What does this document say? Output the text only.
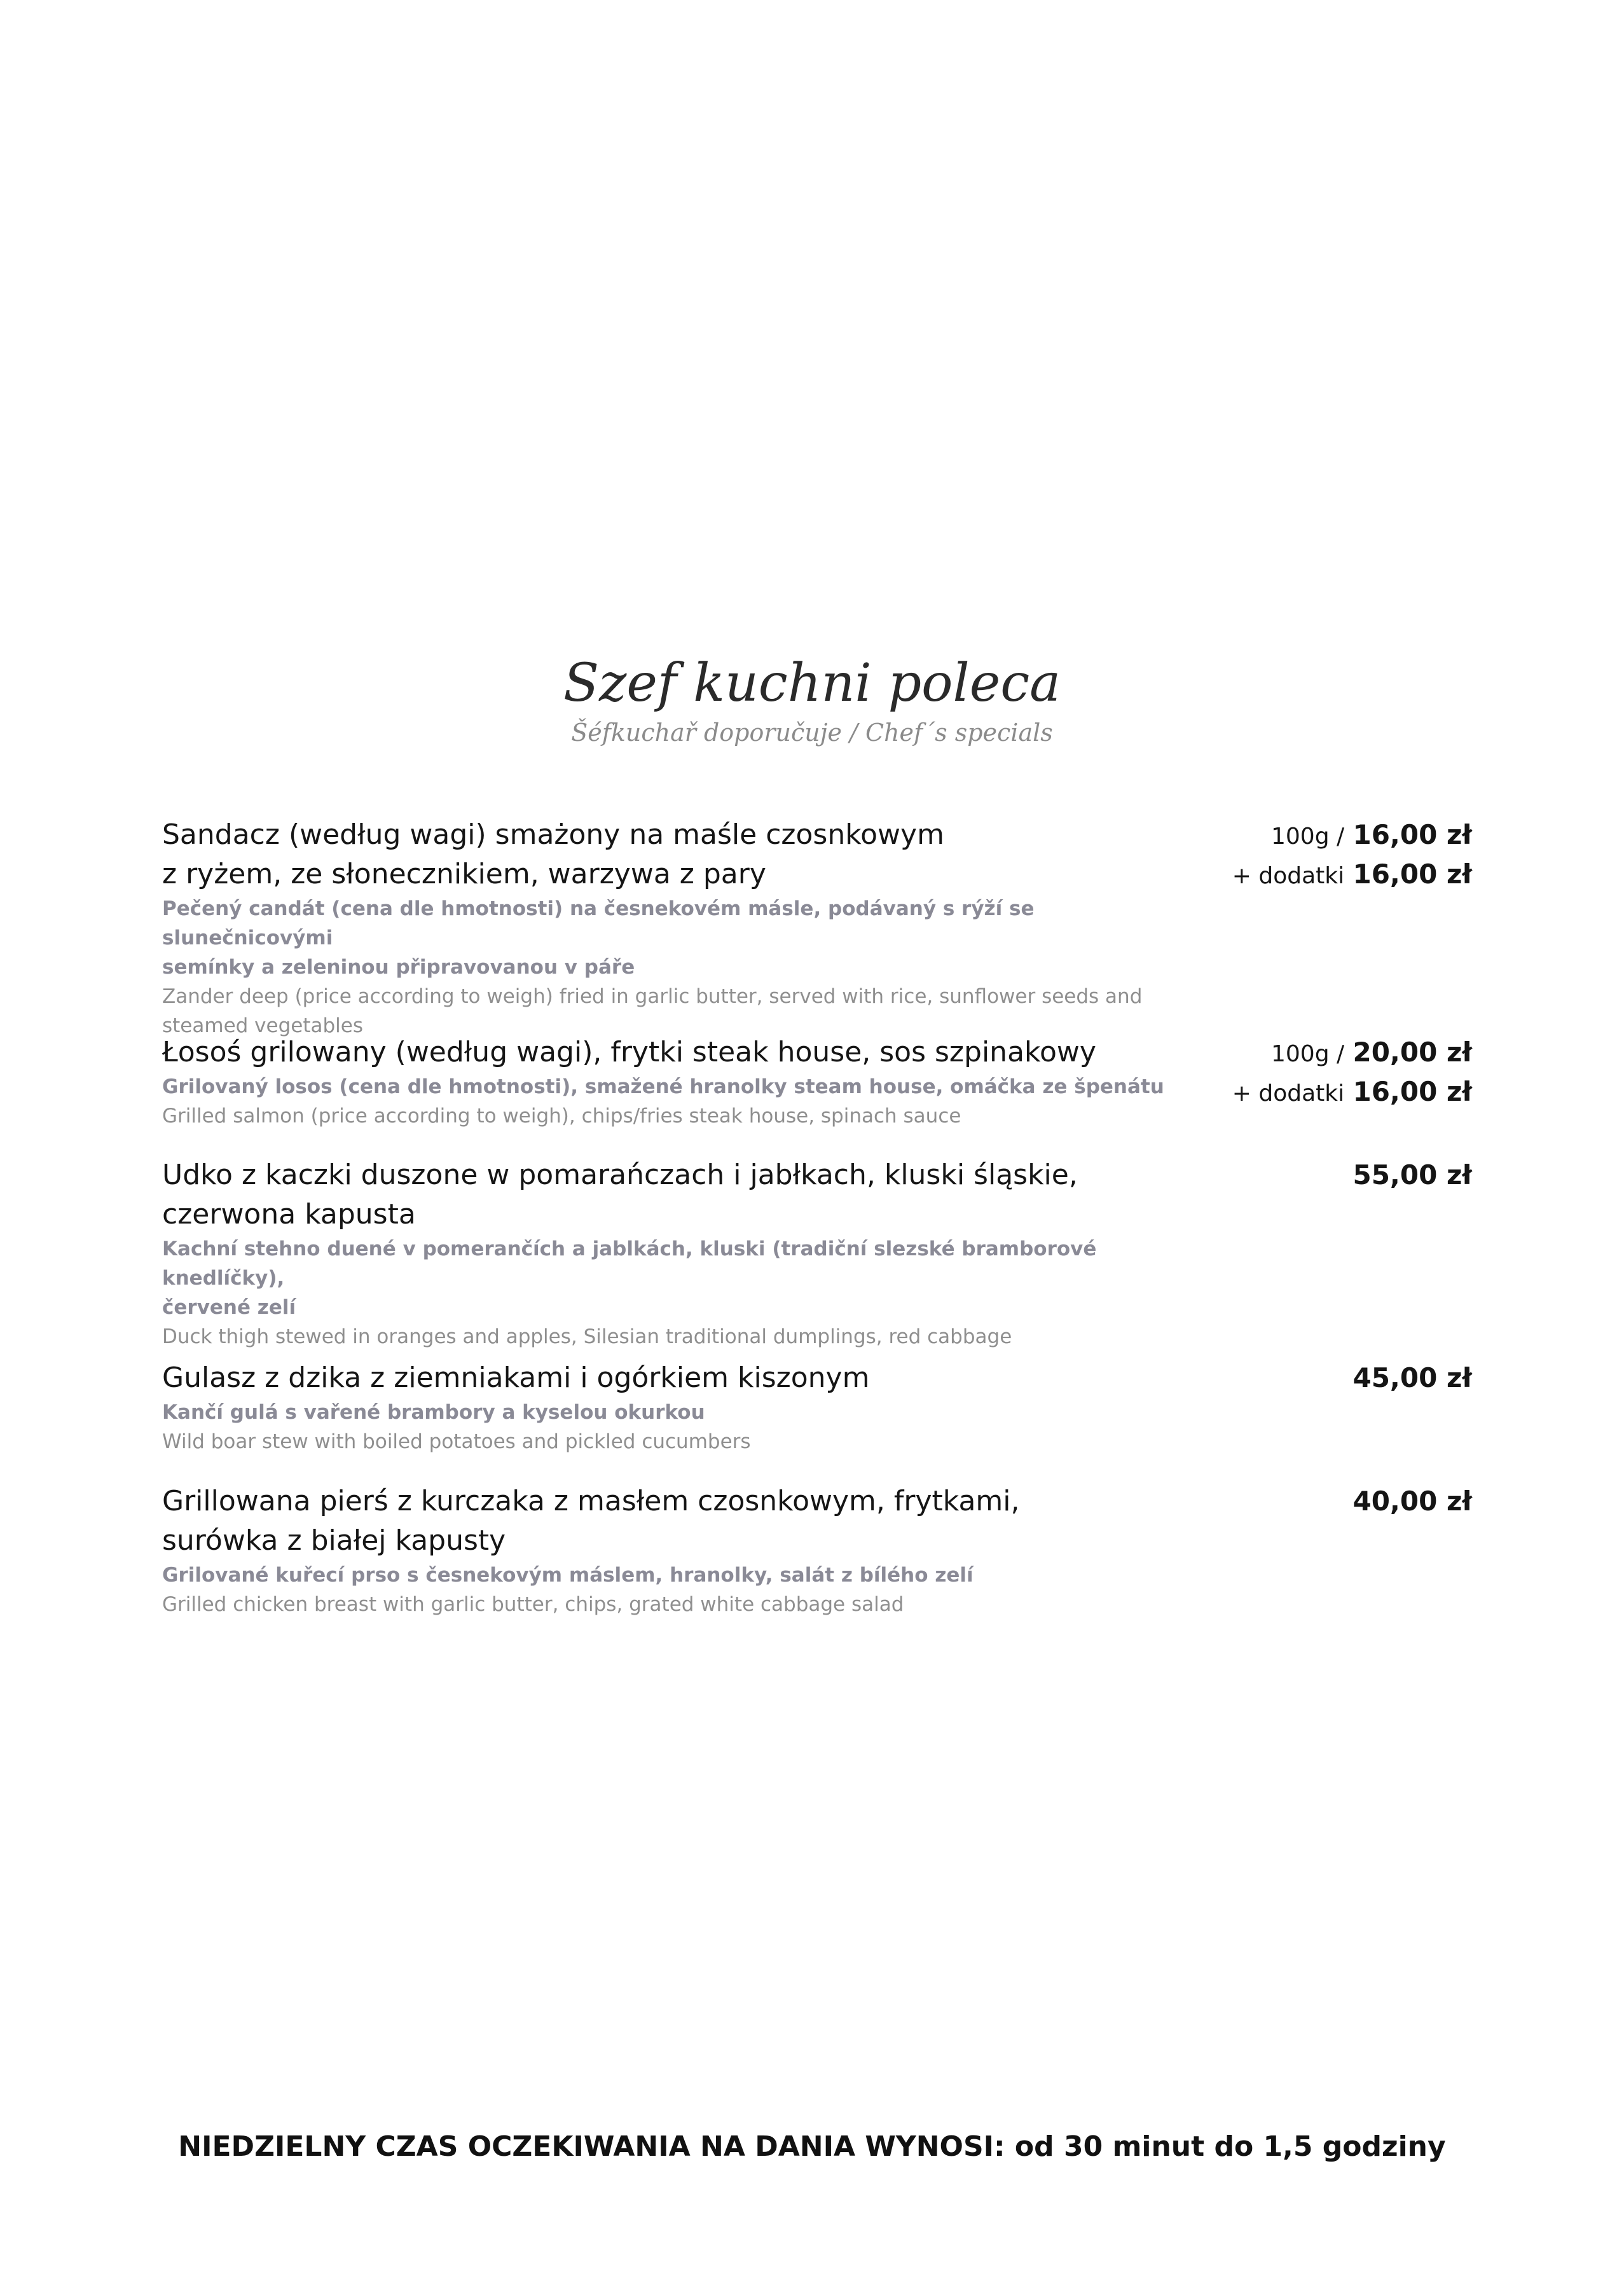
Szef kuchni poleca
Šéfkuchař doporučuje / Chef´s specials
Sandacz (według wagi) smażony na maśle czosnkowym
z ryżem, ze słonecznikiem, warzywa z pary
Pečený candát (cena dle hmotnosti) na česnekovém másle, podávaný s rýží se slunečnicovými
semínky a zeleninou připravovanou v páře
Zander deep (price according to weigh) fried in garlic butter, served with rice, sunflower seeds and
steamed vegetables
100g / 16,00 zł
+ dodatki 16,00 zł
Łosoś grilowany (według wagi), frytki steak house, sos szpinakowy
Grilovaný losos (cena dle hmotnosti), smažené hranolky steam house, omáčka ze špenátu
Grilled salmon (price according to weigh), chips/fries steak house, spinach sauce
100g / 20,00 zł
+ dodatki 16,00 zł
Udko z kaczki duszone w pomarańczach i jabłkach, kluski śląskie,
czerwona kapusta
Kachní stehno duené v pomerančích a jablkách, kluski (tradiční slezské bramborové knedlíčky),
červené zelí
Duck thigh stewed in oranges and apples, Silesian traditional dumplings, red cabbage
55,00 zł
Gulasz z dzika z ziemniakami i ogórkiem kiszonym
Kančí gulá s vařené brambory a kyselou okurkou
Wild boar stew with boiled potatoes and pickled cucumbers
45,00 zł
Grillowana pierś z kurczaka z masłem czosnkowym, frytkami,
surówka z białej kapusty
Grilované kuřecí prso s česnekovým máslem, hranolky, salát z bílého zelí
Grilled chicken breast with garlic butter, chips, grated white cabbage salad
40,00 zł
NIEDZIELNY CZAS OCZEKIWANIA NA DANIA WYNOSI: od 30 minut do 1,5 godziny
